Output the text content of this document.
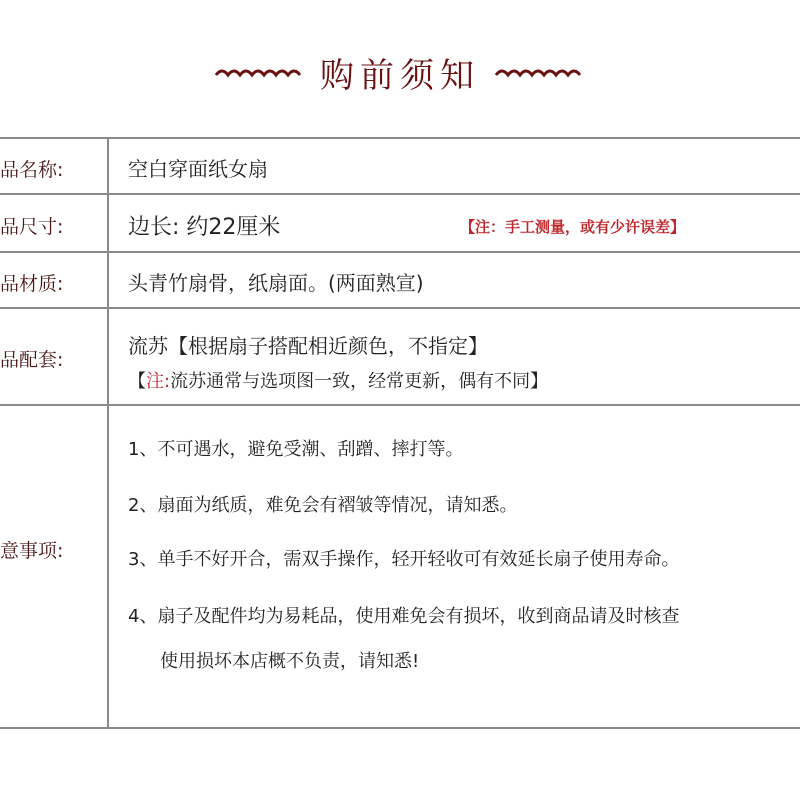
购前须知
品名称:	空白穿面纸女扇
品尺寸:	边长: 约22厘米	【注：手工测量，或有少许误差】
品材质:	头青竹扇骨，纸扇面。(两面熟宣)
品配套:
流苏【根据扇子搭配相近颜色，不指定】
【注:流苏通常与选项图一致，经常更新，偶有不同】
意事项:
1、不可遇水，避免受潮、刮蹭、摔打等。
2、扇面为纸质，难免会有褶皱等情况，请知悉。
3、单手不好开合，需双手操作，轻开轻收可有效延长扇子使用寿命。
4、扇子及配件均为易耗品，使用难免会有损坏，收到商品请及时核查
使用损坏本店概不负责，请知悉!
